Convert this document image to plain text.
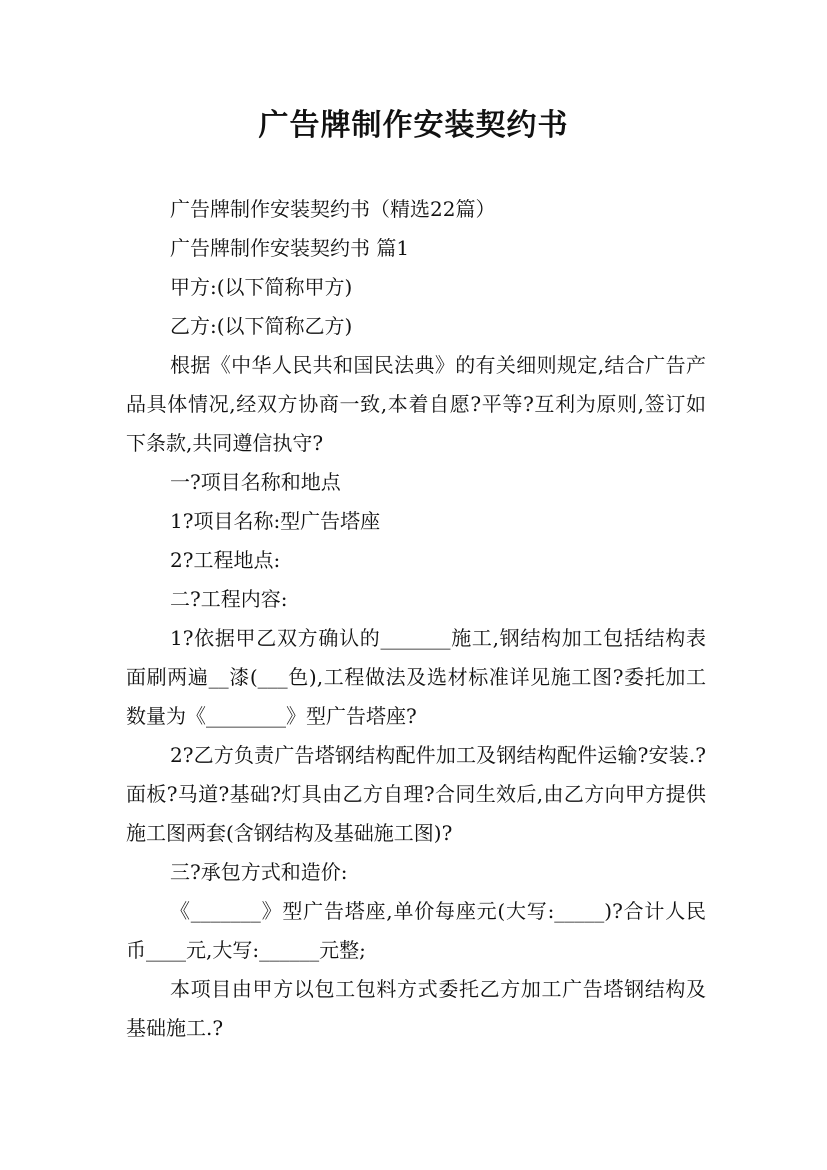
广告牌制作安装契约书
广告牌制作安装契约书（精选22篇）
广告牌制作安装契约书 篇1
甲方:(以下简称甲方)
乙方:(以下简称乙方)
根据《中华人民共和国民法典》的有关细则规定,结合广告产品具体情况,经双方协商一致,本着自愿?平等?互利为原则,签订如下条款,共同遵信执守?
一?项目名称和地点
1?项目名称:型广告塔座
2?工程地点:
二?工程内容:
1?依据甲乙双方确认的_______施工,钢结构加工包括结构表面刷两遍__漆(___色),工程做法及选材标准详见施工图?委托加工数量为《________》型广告塔座?
2?乙方负责广告塔钢结构配件加工及钢结构配件运输?安装.?面板?马道?基础?灯具由乙方自理?合同生效后,由乙方向甲方提供施工图两套(含钢结构及基础施工图)?
三?承包方式和造价:
《_______》型广告塔座,单价每座元(大写:_____)?合计人民币____元,大写:______元整;
本项目由甲方以包工包料方式委托乙方加工广告塔钢结构及基础施工.?
